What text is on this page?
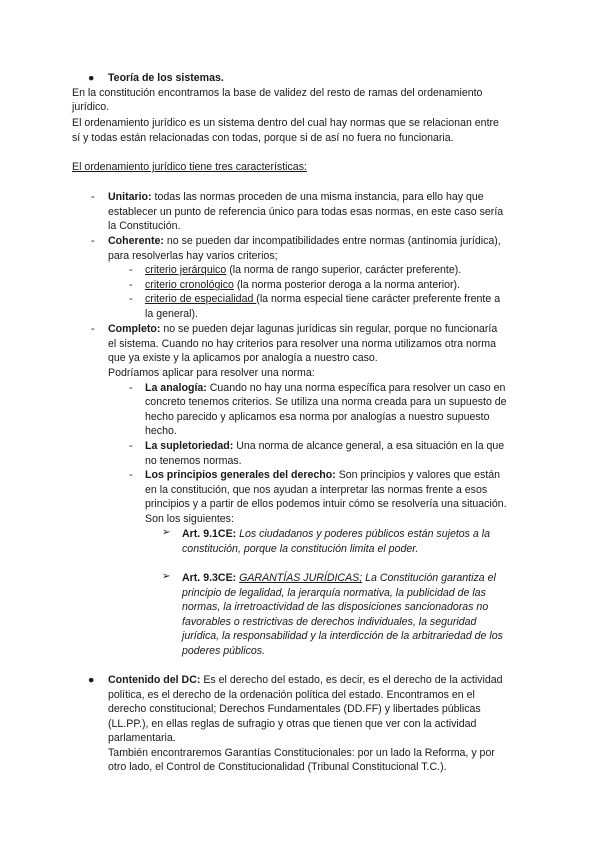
● Teoría de los sistemas.
En la constitución encontramos la base de validez del resto de ramas del ordenamiento
jurídico.
El ordenamiento jurídico es un sistema dentro del cual hay normas que se relacionan entre
sí y todas están relacionadas con todas, porque si de así no fuera no funcionaria.
El ordenamiento jurídico tiene tres características:
- Unitario: todas las normas proceden de una misma instancia, para ello hay que
establecer un punto de referencia único para todas esas normas, en este caso sería
la Constitución.
- Coherente: no se pueden dar incompatibilidades entre normas (antinomia jurídica),
para resolverlas hay varios criterios;
- criterio jerárquico (la norma de rango superior, carácter preferente).
- criterio cronológico (la norma posterior deroga a la norma anterior).
- criterio de especialidad (la norma especial tiene carácter preferente frente a
la general).
- Completo: no se pueden dejar lagunas jurídicas sin regular, porque no funcionaría
el sistema. Cuando no hay criterios para resolver una norma utilizamos otra norma
que ya existe y la aplicamos por analogía a nuestro caso.
Podríamos aplicar para resolver una norma:
- La analogía: Cuando no hay una norma específica para resolver un caso en
concreto tenemos criterios. Se utiliza una norma creada para un supuesto de
hecho parecido y aplicamos esa norma por analogías a nuestro supuesto
hecho.
- La supletoriedad: Una norma de alcance general, a esa situación en la que
no tenemos normas.
- Los principios generales del derecho: Son principios y valores que están
en la constitución, que nos ayudan a interpretar las normas frente a esos
principios y a partir de ellos podemos intuir cómo se resolvería una situación.
Son los siguientes:
➢ Art. 9.1CE: Los ciudadanos y poderes públicos están sujetos a la
constitución, porque la constitución limita el poder.
➢ Art. 9.3CE: GARANTÍAS JURÍDICAS; La Constitución garantiza el
principio de legalidad, la jerarquía normativa, la publicidad de las
normas, la irretroactividad de las disposiciones sancionadoras no
favorables o restrictivas de derechos individuales, la seguridad
jurídica, la responsabilidad y la interdicción de la arbitrariedad de los
poderes públicos.
● Contenido del DC: Es el derecho del estado, es decir, es el derecho de la actividad
política, es el derecho de la ordenación política del estado. Encontramos en el
derecho constitucional; Derechos Fundamentales (DD.FF) y libertades públicas
(LL.PP.), en ellas reglas de sufragio y otras que tienen que ver con la actividad
parlamentaria.
También encontraremos Garantías Constitucionales: por un lado la Reforma, y por
otro lado, el Control de Constitucionalidad (Tribunal Constitucional T.C.).
